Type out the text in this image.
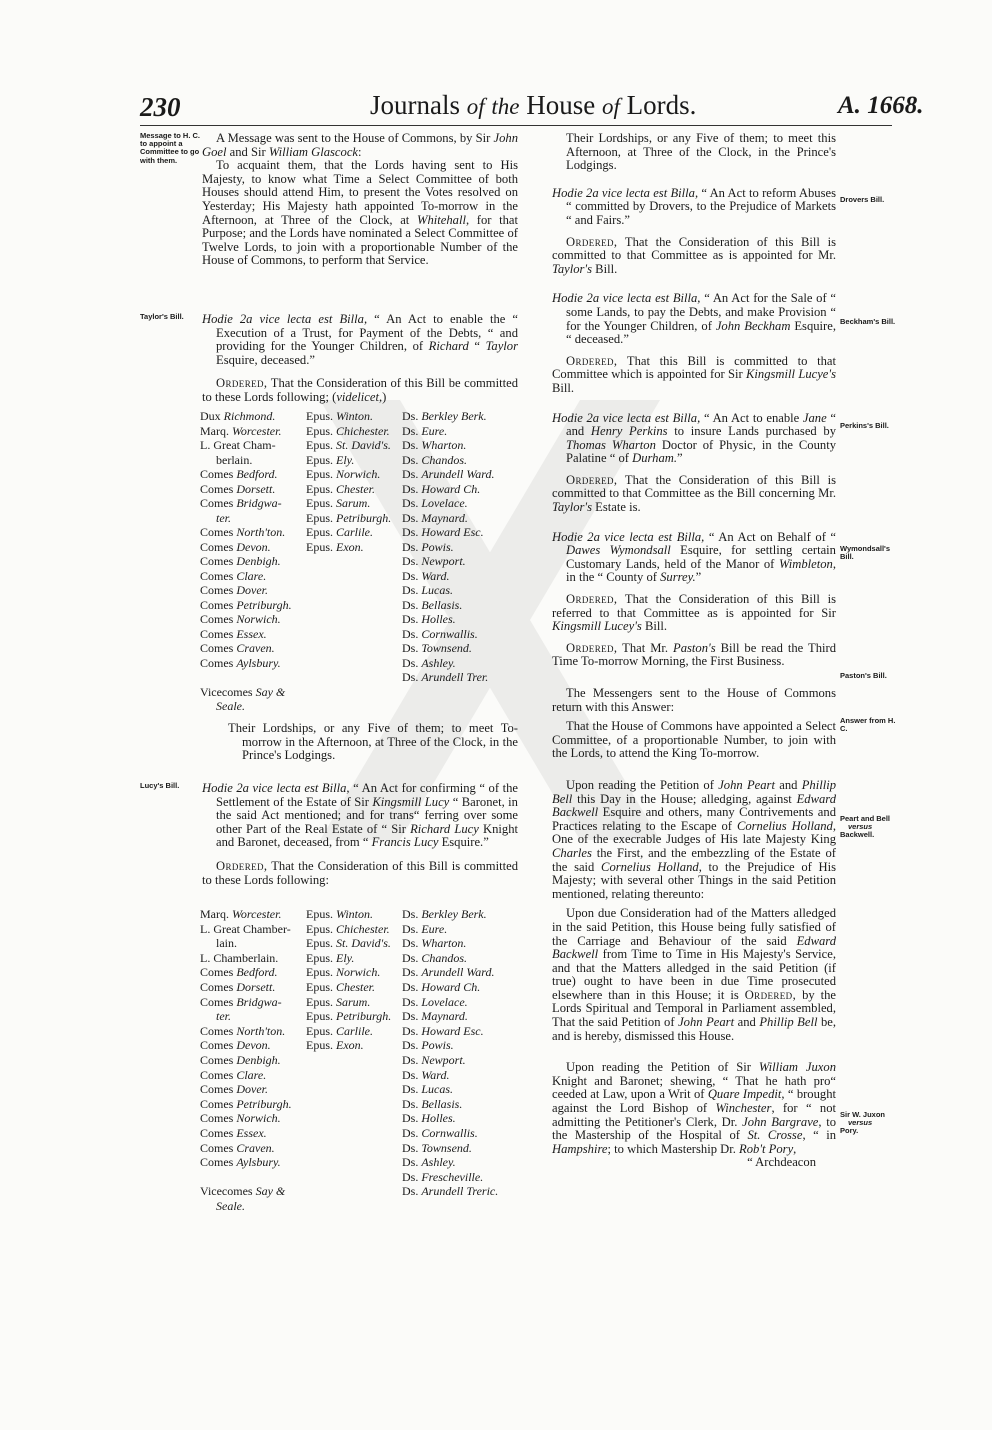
230	Journals of the House of Lords.	A. 1668.
Message to H. C. to appoint a Committee to go with them.
Taylor's Bill.
Lucy's Bill.

A Message was sent to the House of Commons, by Sir John Goel and Sir William Glascock:

To acquaint them, that the Lords having sent to His Majesty, to know what Time a Select Committee of both Houses should attend Him, to present the Votes resolved on Yesterday; His Majesty hath appointed To-morrow in the Afternoon, at Three of the Clock, at Whitehall, for that Purpose; and the Lords have nominated a Select Committee of Twelve Lords, to join with a proportionable Number of the House of Commons, to perform that Service.

Hodie 2a vice lecta est Billa, “ An Act to enable the “ Execution of a Trust, for Payment of the Debts, “ and providing for the Younger Children, of Richard “ Taylor Esquire, deceased.”

Ordered, That the Consideration of this Bill be committed to these Lords following; (videlicet,)

Dux Richmond.
Marq. Worcester.
L. Great Cham-
berlain.
Comes Bedford.
Comes Dorsett.
Comes Bridgwa-
ter.
Comes North'ton.
Comes Devon.
Comes Denbigh.
Comes Clare.
Comes Dover.
Comes Petriburgh.
Comes Norwich.
Comes Essex.
Comes Craven.
Comes Aylsbury.
Vicecomes Say &
Seale.
Epus. Winton.
Epus. Chichester.
Epus. St. David's.
Epus. Ely.
Epus. Norwich.
Epus. Chester.
Epus. Sarum.
Epus. Petriburgh.
Epus. Carlile.
Epus. Exon.
Ds. Berkley Berk.
Ds. Eure.
Ds. Wharton.
Ds. Chandos.
Ds. Arundell Ward.
Ds. Howard Ch.
Ds. Lovelace.
Ds. Maynard.
Ds. Howard Esc.
Ds. Powis.
Ds. Newport.
Ds. Ward.
Ds. Lucas.
Ds. Bellasis.
Ds. Holles.
Ds. Cornwallis.
Ds. Townsend.
Ds. Ashley.
Ds. Arundell Trer.

Their Lordships, or any Five of them; to meet To-morrow in the Afternoon, at Three of the Clock, in the Prince's Lodgings.

Hodie 2a vice lecta est Billa, “ An Act for confirming “ of the Settlement of the Estate of Sir Kingsmill Lucy “ Baronet, in the said Act mentioned; and for trans“ ferring over some other Part of the Real Estate of “ Sir Richard Lucy Knight and Baronet, deceased, from “ Francis Lucy Esquire.”

Ordered, That the Consideration of this Bill is committed to these Lords following:

Marq. Worcester.
L. Great Chamber-
lain.
L. Chamberlain.
Comes Bedford.
Comes Dorsett.
Comes Bridgwa-
ter.
Comes North'ton.
Comes Devon.
Comes Denbigh.
Comes Clare.
Comes Dover.
Comes Petriburgh.
Comes Norwich.
Comes Essex.
Comes Craven.
Comes Aylsbury.
Vicecomes Say &
Seale.
Epus. Winton.
Epus. Chichester.
Epus. St. David's.
Epus. Ely.
Epus. Norwich.
Epus. Chester.
Epus. Sarum.
Epus. Petriburgh.
Epus. Carlile.
Epus. Exon.
Ds. Berkley Berk.
Ds. Eure.
Ds. Wharton.
Ds. Chandos.
Ds. Arundell Ward.
Ds. Howard Ch.
Ds. Lovelace.
Ds. Maynard.
Ds. Howard Esc.
Ds. Powis.
Ds. Newport.
Ds. Ward.
Ds. Lucas.
Ds. Bellasis.
Ds. Holles.
Ds. Cornwallis.
Ds. Townsend.
Ds. Ashley.
Ds. Frescheville.
Ds. Arundell Treric.

Their Lordships, or any Five of them; to meet this Afternoon, at Three of the Clock, in the Prince's Lodgings.

Hodie 2a vice lecta est Billa, “ An Act to reform Abuses “ committed by Drovers, to the Prejudice of Markets “ and Fairs.”

Ordered, That the Consideration of this Bill is committed to that Committee as is appointed for Mr. Taylor's Bill.

Hodie 2a vice lecta est Billa, “ An Act for the Sale of “ some Lands, to pay the Debts, and make Provision “ for the Younger Children, of John Beckham Esquire, “ deceased.”

Ordered, That this Bill is committed to that Committee which is appointed for Sir Kingsmill Lucye's Bill.

Hodie 2a vice lecta est Billa, “ An Act to enable Jane “ and Henry Perkins to insure Lands purchased by Thomas Wharton Doctor of Physic, in the County Palatine “ of Durham.”

Ordered, That the Consideration of this Bill is committed to that Committee as the Bill concerning Mr. Taylor's Estate is.

Hodie 2a vice lecta est Billa, “ An Act on Behalf of “ Dawes Wymondsall Esquire, for settling certain Customary Lands, held of the Manor of Wimbleton, in the “ County of Surrey.”

Ordered, That the Consideration of this Bill is referred to that Committee as is appointed for Sir Kingsmill Lucey's Bill.

Ordered, That Mr. Paston's Bill be read the Third Time To-morrow Morning, the First Business.

The Messengers sent to the House of Commons return with this Answer:

That the House of Commons have appointed a Select Committee, of a proportionable Number, to join with the Lords, to attend the King To-morrow.

Upon reading the Petition of John Peart and Phillip Bell this Day in the House; alledging, against Edward Backwell Esquire and others, many Contrivements and Practices relating to the Escape of Cornelius Holland, One of the execrable Judges of His late Majesty King Charles the First, and the embezzling of the Estate of the said Cornelius Holland, to the Prejudice of His Majesty; with several other Things in the said Petition mentioned, relating thereunto:

Upon due Consideration had of the Matters alledged in the said Petition, this House being fully satisfied of the Carriage and Behaviour of the said Edward Backwell from Time to Time in His Majesty's Service, and that the Matters alledged in the said Petition (if true) ought to have been in due Time prosecuted elsewhere than in this House; it is Ordered, by the Lords Spiritual and Temporal in Parliament assembled, That the said Petition of John Peart and Phillip Bell be, and is hereby, dismissed this House.

Upon reading the Petition of Sir William Juxon Knight and Baronet; shewing, “ That he hath pro“ ceeded at Law, upon a Writ of Quare Impedit, “ brought against the Lord Bishop of Winchester, for “ not admitting the Petitioner's Clerk, Dr. John Bargrave, to the Mastership of the Hospital of St. Crosse, “ in Hampshire; to which Mastership Dr. Rob't Pory,

“ Archdeacon

Drovers Bill.
Beckham's Bill.
Perkins's Bill.
Wymondsall's Bill.
Paston's Bill.
Answer from H. C.
Peart and Bell
versus
Backwell.
Sir W. Juxon
versus
Pory.
